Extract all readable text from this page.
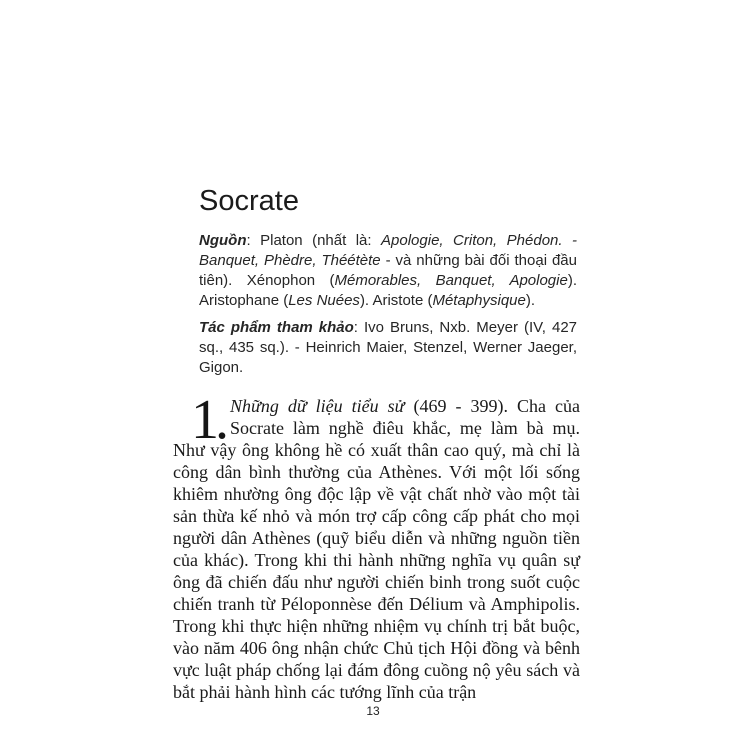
Socrate

Nguồn: Platon (nhất là: Apologie, Criton, Phédon. - Banquet, Phèdre, Théétète - và những bài đối thoại đầu tiên). Xénophon (Mémorables, Banquet, Apologie). Aristophane (Les Nuées). Aristote (Métaphysique).

Tác phẩm tham khảo: Ivo Bruns, Nxb. Meyer (IV, 427 sq., 435 sq.). - Heinrich Maier, Stenzel, Werner Jaeger, Gigon.

1. Những dữ liệu tiểu sử (469 - 399). Cha của Socrate làm nghề điêu khắc, mẹ làm bà mụ. Như vậy ông không hề có xuất thân cao quý, mà chỉ là công dân bình thường của Athènes. Với một lối sống khiêm nhường ông độc lập về vật chất nhờ vào một tài sản thừa kế nhỏ và món trợ cấp công cấp phát cho mọi người dân Athènes (quỹ biểu diễn và những nguồn tiền của khác). Trong khi thi hành những nghĩa vụ quân sự ông đã chiến đấu như người chiến binh trong suốt cuộc chiến tranh từ Péloponnèse đến Délium và Amphipolis. Trong khi thực hiện những nhiệm vụ chính trị bắt buộc, vào năm 406 ông nhận chức Chủ tịch Hội đồng và bênh vực luật pháp chống lại đám đông cuồng nộ yêu sách và bắt phải hành hình các tướng lĩnh của trận

13
